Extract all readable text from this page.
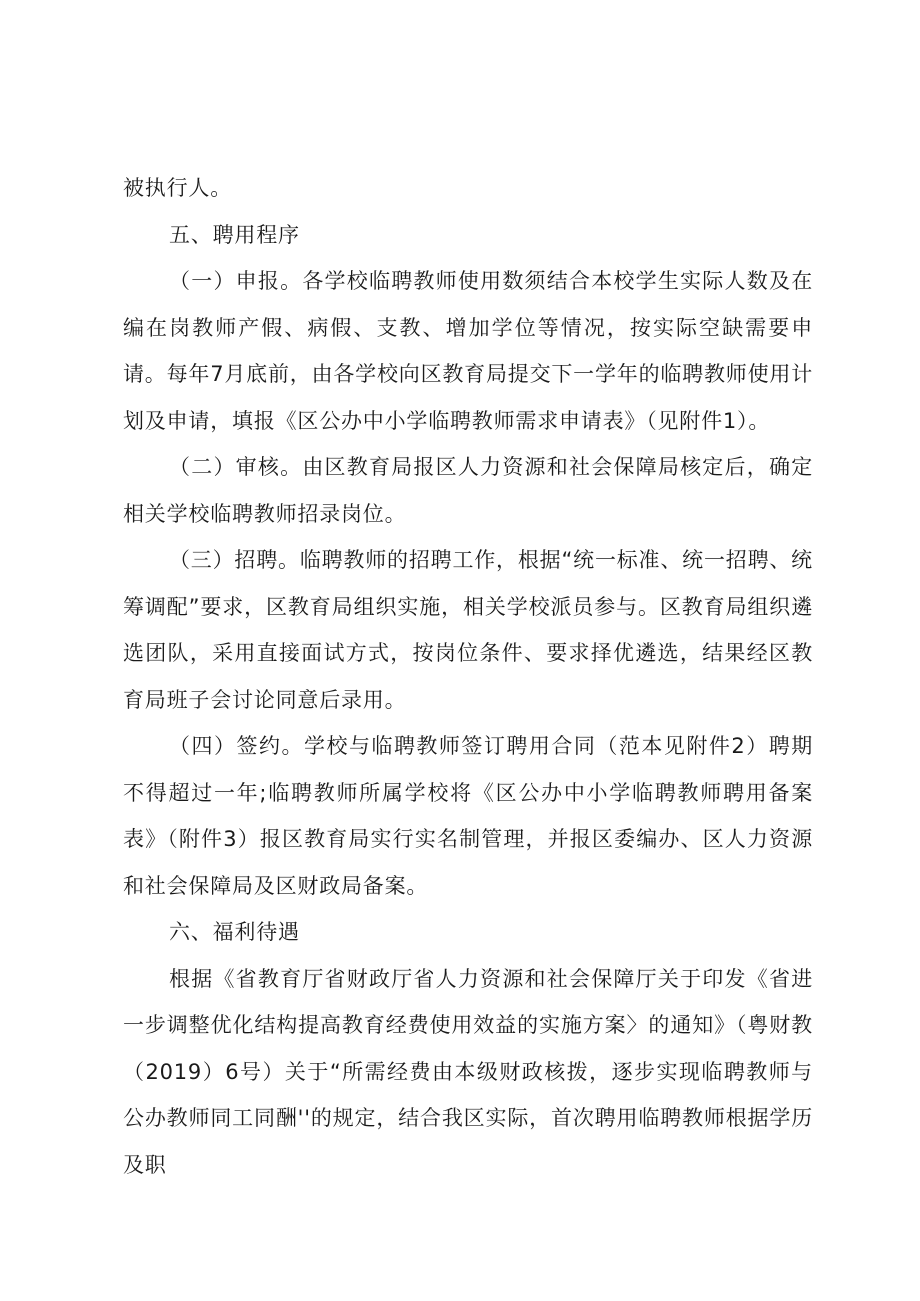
被执行人。

五、聘用程序

（一）申报。各学校临聘教师使用数须结合本校学生实际人数及在编在岗教师产假、病假、支教、增加学位等情况，按实际空缺需要申请。每年7月底前，由各学校向区教育局提交下一学年的临聘教师使用计划及申请，填报《区公办中小学临聘教师需求申请表》（见附件1）。

（二）审核。由区教育局报区人力资源和社会保障局核定后，确定相关学校临聘教师招录岗位。

（三）招聘。临聘教师的招聘工作，根据“统一标准、统一招聘、统筹调配”要求，区教育局组织实施，相关学校派员参与。区教育局组织遴选团队，采用直接面试方式，按岗位条件、要求择优遴选，结果经区教育局班子会讨论同意后录用。

（四）签约。学校与临聘教师签订聘用合同（范本见附件2）聘期不得超过一年;临聘教师所属学校将《区公办中小学临聘教师聘用备案表》（附件3）报区教育局实行实名制管理，并报区委编办、区人力资源和社会保障局及区财政局备案。

六、福利待遇

根据《省教育厅省财政厅省人力资源和社会保障厅关于印发《省进一步调整优化结构提高教育经费使用效益的实施方案〉的通知》（粤财教（2019）6号）关于“所需经费由本级财政核拨，逐步实现临聘教师与公办教师同工同酬''的规定，结合我区实际，首次聘用临聘教师根据学历及职
